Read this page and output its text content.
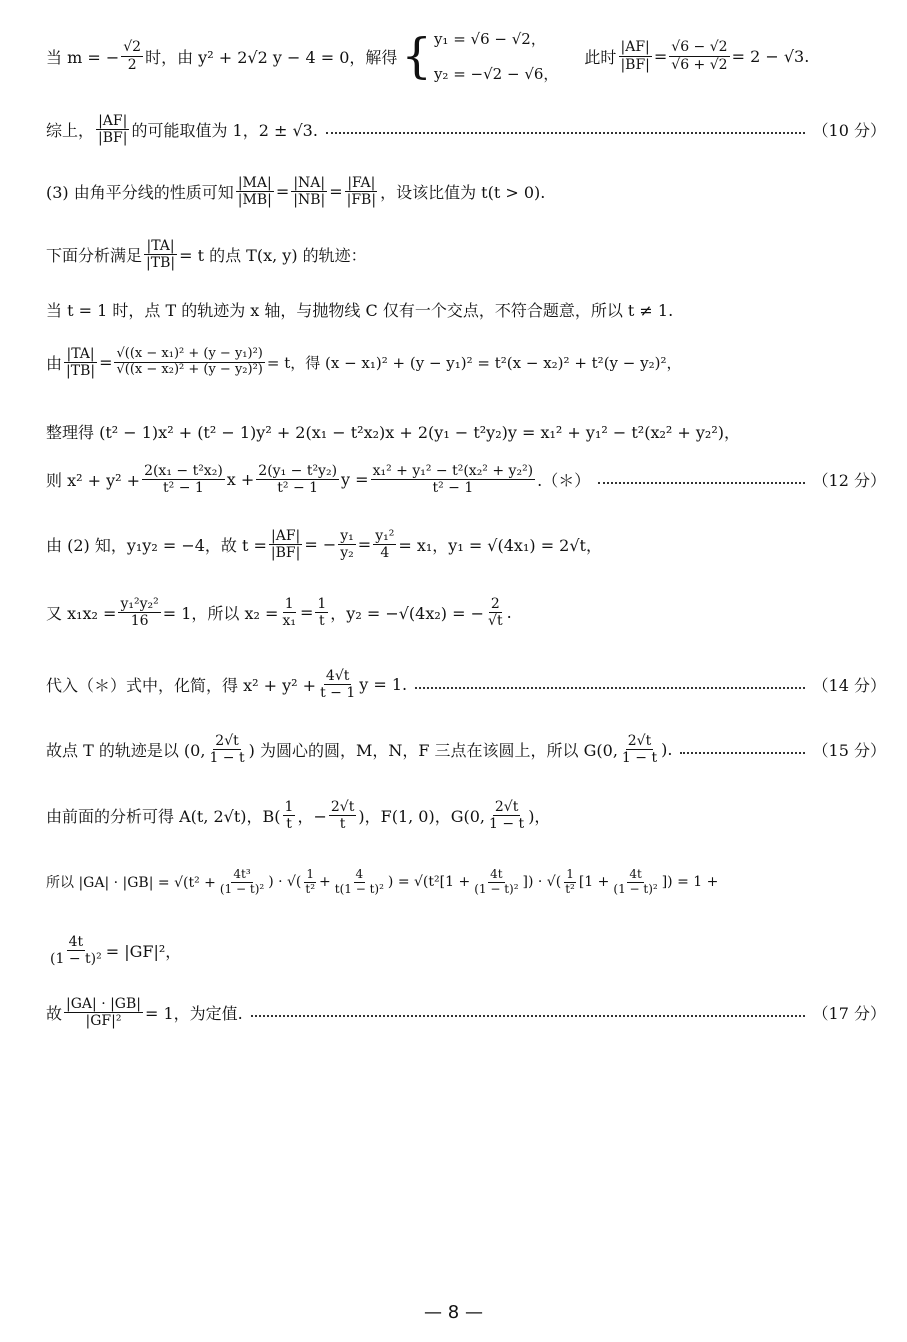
当 m = − $\frac{√2}{2}$ 时，由 y² + 2√2 y − 4 = 0，解得 { y₁ = √6 − √2，
y₂ = −√2 − √6，
此时 $\frac{|AF|}{|BF|} = \frac{√6 - √2}{√6 + √2} = 2 - √3$.
综上， $\frac{|AF|}{|BF|}$ 的可能取值为 1，2 ± √3.	（10 分）
(3) 由角平分线的性质可知 $\frac{|MA|}{|MB|} = \frac{|NA|}{|NB|} = \frac{|FA|}{|FB|}$ ，设该比值为 t(t > 0).
下面分析满足 $\frac{|TA|}{|TB|} = t$ 的点 T(x, y) 的轨迹：
当 t = 1 时，点 T 的轨迹为 x 轴，与抛物线 C 仅有一个交点，不符合题意，所以 t ≠ 1.
由 $\frac{|TA|}{|TB|} = \frac{\text{√((x − x₁)² + (y − y₁)²)}}{\text{√((x − x₂)² + (y − y₂)²)}} = t$，得 (x − x₁)² + (y − y₁)² = t²(x − x₂)² + t²(y − y₂)²，
整理得 (t² − 1)x² + (t² − 1)y² + 2(x₁ − t²x₂)x + 2(y₁ − t²y₂)y = x₁² + y₁² − t²(x₂² + y₂²)，
则 $x^2 + y^2 + \frac{\text{2(x₁ − t²x₂)}}{\text{t² − 1}}$ $x + \frac{\text{2(y₁ − t²y₂)}}{\text{t² − 1}}$ $y = \frac{\text{x₁² + y₁² − t²(x₂² + y₂²)}}{\text{t² − 1}}$ .（＊）	（12 分）
由 (2) 知，y₁y₂ = −4，故 $t = \frac{|AF|}{|BF|}$ = − $\frac{\text{y₁}}{\text{y₂}} = \frac{\text{y₁²}}{4} = x_1$，y₁ = √(4x₁) = 2√t，
又 $x_1x_2 = \frac{\text{y₁²y₂²}}{16} = 1$，所以 $x_2 = \frac{1}{\text{x₁}} = \frac{1}{t}$ ，y₂ = −√(4x₂) = − $\frac{2}{√t}$ .
代入（＊）式中，化简，得 $x^2 + y^2 + \frac{4√t}{t - 1}$ y = 1.	（14 分）
故点 T 的轨迹是以 (0, $\frac{2√t}{1 - t}$ ) 为圆心的圆，M，N，F 三点在该圆上，所以 G(0, $\frac{2√t}{1 - t}$ ).	（15 分）
由前面的分析可得 A(t, 2√t)，$B( \frac{1}{t}$ ，− $\frac{2√t}{t}$ )，F(1, 0)，G(0, $\frac{2√t}{1 - t}$ )，
所以 $|GA| \cdot |GB| = √(t^2 + \frac{\text{4t³}}{\text{(1 − t)²}}$ ) · √( $\frac{1}{\text{t²}} + \frac{4}{\text{t(1 − t)²}}$ ) = $√(t^2[1 + \frac{4t}{\text{(1 − t)²}}$ ]) · √( $\frac{1}{\text{t²}} [1 + \frac{4t}{\text{(1 − t)²}}$ ]) = 1 +
$\frac{4t}{\text{(1 − t)²}} = |GF|^2$，
故 $\frac{|GA| \cdot |GB|}{\text{|GF|²}} = 1$，为定值.	（17 分）
— 8 —
